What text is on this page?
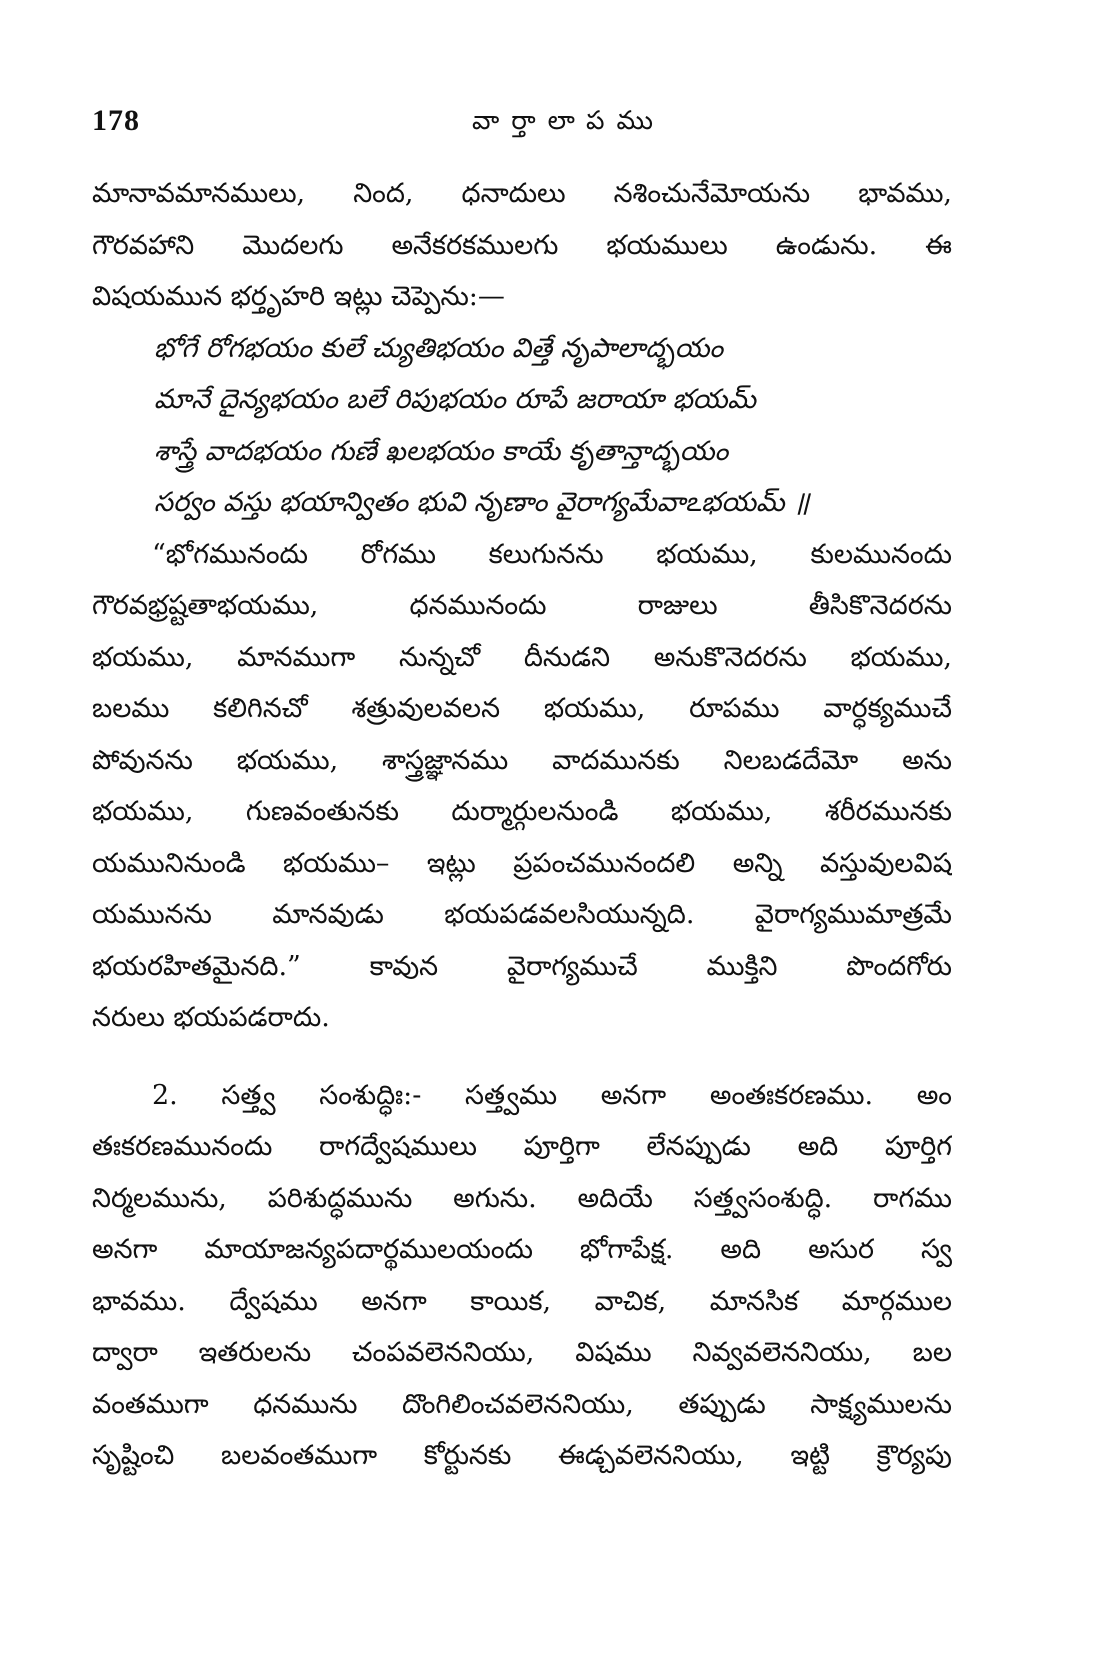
178	వార్తాలాపము
మానావమానములు, నింద, ధనాదులు నశించునేమోయను భావము,
గౌరవహాని మొదలగు అనేకరకములగు భయములు ఉండును. ఈ
విషయమున భర్తృహరి ఇట్లు చెప్పెను:—
భోగే రోగభయం కులే చ్యుతిభయం విత్తే నృపాలాద్భయం
మానే దైన్యభయం బలే రిపుభయం రూపే జరాయా భయమ్
శాస్త్రే వాదభయం గుణే ఖలభయం కాయే కృతాన్తాద్భయం
సర్వం వస్తు భయాన్వితం భువి నృణాం వైరాగ్యమేవాఽభయమ్ ॥
“భోగమునందు రోగము కలుగునను భయము, కులమునందు
గౌరవభ్రష్టతాభయము, ధనమునందు రాజులు తీసికొనెదరను
భయము, మానముగా నున్నచో దీనుడని అనుకొనెదరను భయము,
బలము కలిగినచో శత్రువులవలన భయము, రూపము వార్ధక్యముచే
పోవునను భయము, శాస్త్రజ్ఞానము వాదమునకు నిలబడదేమో అను
భయము, గుణవంతునకు దుర్మార్గులనుండి భయము, శరీరమునకు
యమునినుండి భయము– ఇట్లు ప్రపంచమునందలి అన్ని వస్తువులవిష
యమునను మానవుడు భయపడవలసియున్నది. వైరాగ్యముమాత్రమే
భయరహితమైనది.” కావున వైరాగ్యముచే ముక్తిని పొందగోరు
నరులు భయపడరాదు.
2. సత్త్వ సంశుద్ధిః:- సత్త్వము అనగా అంతఃకరణము. అం
తఃకరణమునందు రాగద్వేషములు పూర్తిగా లేనప్పుడు అది పూర్తిగ
నిర్మలమును, పరిశుద్ధమును అగును. అదియే సత్త్వసంశుద్ధి. రాగము
అనగా మాయాజన్యపదార్థములయందు భోగాపేక్ష. అది అసుర స్వ
భావము. ద్వేషము అనగా కాయిక, వాచిక, మానసిక మార్గముల
ద్వారా ఇతరులను చంపవలెననియు, విషము నివ్వవలెననియు, బల
వంతముగా ధనమును దొంగిలించవలెననియు, తప్పుడు సాక్ష్యములను
సృష్టించి బలవంతముగా కోర్టునకు ఈడ్చవలెననియు, ఇట్టి క్రౌర్యపు
